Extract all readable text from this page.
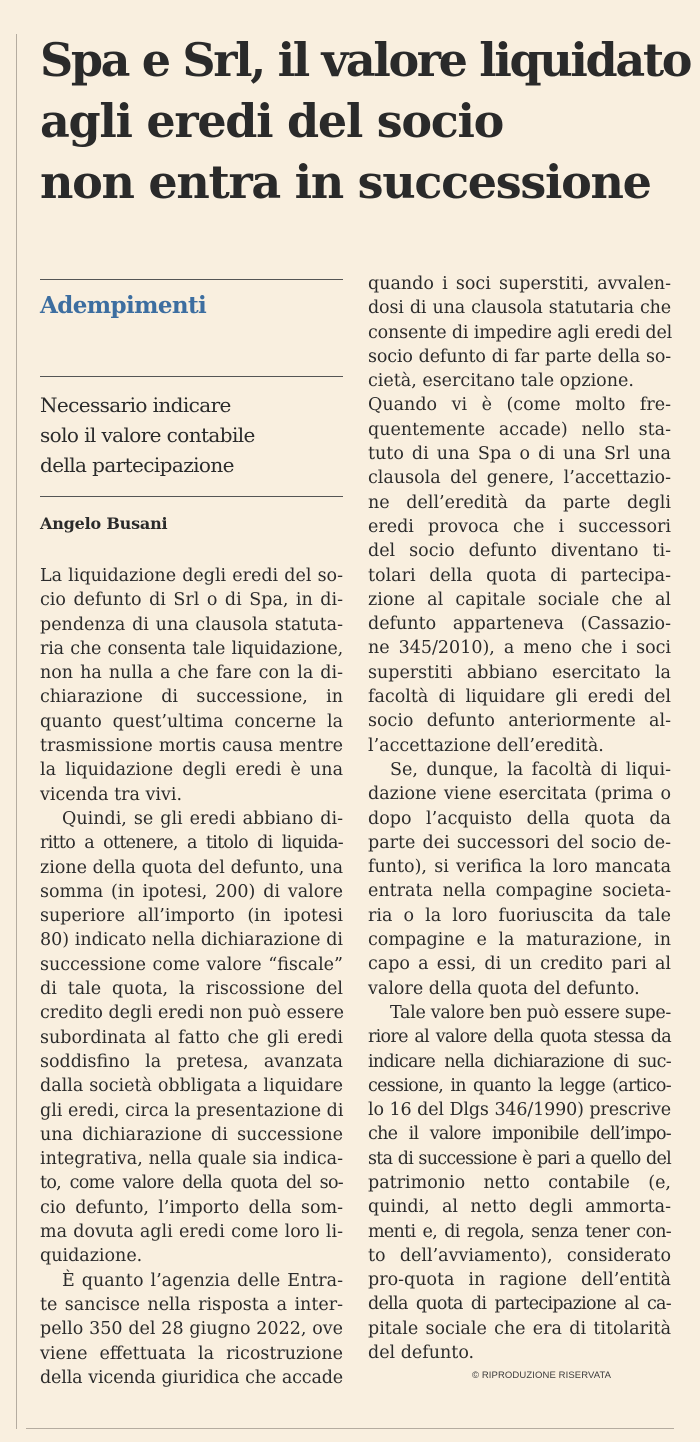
Spa e Srl, il valore liquidato
agli eredi del socio
non entra in successione

Adempimenti

Necessario indicare
solo il valore contabile
della partecipazione

Angelo Busani

La liquidazione degli eredi del so-
cio defunto di Srl o di Spa, in di-
pendenza di una clausola statuta-
ria che consenta tale liquidazione,
non ha nulla a che fare con la di-
chiarazione di successione, in
quanto quest’ultima concerne la
trasmissione mortis causa mentre
la liquidazione degli eredi è una
vicenda tra vivi.
Quindi, se gli eredi abbiano di-
ritto a ottenere, a titolo di liquida-
zione della quota del defunto, una
somma (in ipotesi, 200) di valore
superiore all’importo (in ipotesi
80) indicato nella dichiarazione di
successione come valore “fiscale”
di tale quota, la riscossione del
credito degli eredi non può essere
subordinata al fatto che gli eredi
soddisfino la pretesa, avanzata
dalla società obbligata a liquidare
gli eredi, circa la presentazione di
una dichiarazione di successione
integrativa, nella quale sia indica-
to, come valore della quota del so-
cio defunto, l’importo della som-
ma dovuta agli eredi come loro li-
quidazione.
È quanto l’agenzia delle Entra-
te sancisce nella risposta a inter-
pello 350 del 28 giugno 2022, ove
viene effettuata la ricostruzione
della vicenda giuridica che accade
quando i soci superstiti, avvalen-
dosi di una clausola statutaria che
consente di impedire agli eredi del
socio defunto di far parte della so-
cietà, esercitano tale opzione.
Quando vi è (come molto fre-
quentemente accade) nello sta-
tuto di una Spa o di una Srl una
clausola del genere, l’accettazio-
ne dell’eredità da parte degli
eredi provoca che i successori
del socio defunto diventano ti-
tolari della quota di partecipa-
zione al capitale sociale che al
defunto apparteneva (Cassazio-
ne 345/2010), a meno che i soci
superstiti abbiano esercitato la
facoltà di liquidare gli eredi del
socio defunto anteriormente al-
l’accettazione dell’eredità.
Se, dunque, la facoltà di liqui-
dazione viene esercitata (prima o
dopo l’acquisto della quota da
parte dei successori del socio de-
funto), si verifica la loro mancata
entrata nella compagine societa-
ria o la loro fuoriuscita da tale
compagine e la maturazione, in
capo a essi, di un credito pari al
valore della quota del defunto.
Tale valore ben può essere supe-
riore al valore della quota stessa da
indicare nella dichiarazione di suc-
cessione, in quanto la legge (artico-
lo 16 del Dlgs 346/1990) prescrive
che il valore imponibile dell’impo-
sta di successione è pari a quello del
patrimonio netto contabile (e,
quindi, al netto degli ammorta-
menti e, di regola, senza tener con-
to dell’avviamento), considerato
pro-quota in ragione dell’entità
della quota di partecipazione al ca-
pitale sociale che era di titolarità
del defunto.

© RIPRODUZIONE RISERVATA
